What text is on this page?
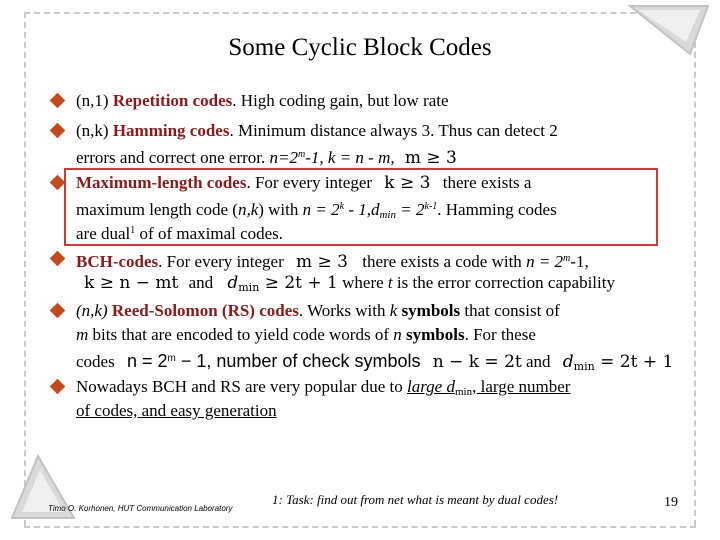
Some Cyclic Block Codes
(n,1) Repetition codes. High coding gain, but low rate
(n,k) Hamming codes. Minimum distance always 3. Thus can detect 2
errors and correct one error. $n=2^m-1$, k = n - m, m ≥ 3
Maximum-length codes. For every integer k ≥ 3 there exists a
maximum length code (n,k) with $n = 2^k - 1,dmin = 2^{k-1}$. Hamming codes
are dual$^1$ of of maximal codes.
BCH-codes. For every integer m ≥ 3 there exists a code with $n = 2^m-1$,
k ≥ n − mt and dmin ≥ 2t + 1 where t is the error correction capability
(n,k) Reed-Solomon (RS) codes. Works with k symbols that consist of
m bits that are encoded to yield code words of n symbols. For these
codes $n = 2^m - 1$, number of check symbols n − k = 2t and dmin = 2t + 1
Nowadays BCH and RS are very popular due to large dmin, large number
of codes, and easy generation
Timo O. Korhonen, HUT Communication Laboratory
1: Task: find out from net what is meant by dual codes!	19
